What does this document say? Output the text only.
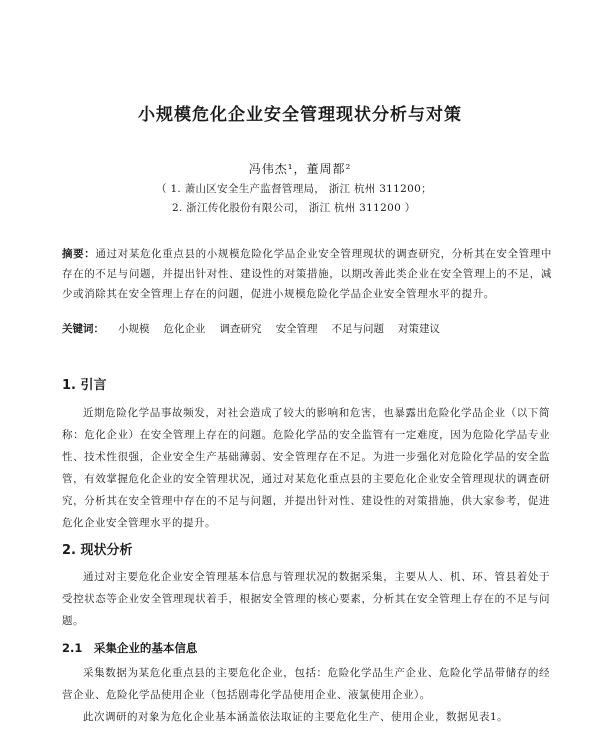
小规模危化企业安全管理现状分析与对策
冯伟杰¹，董周都²
（ 1. 萧山区安全生产监督管理局， 浙江 杭州 311200；
2. 浙江传化股份有限公司， 浙江 杭州 311200 ）
摘要：通过对某危化重点县的小规模危险化学品企业安全管理现状的调查研究，分析其在安全管理中存在的不足与问题，并提出针对性、建设性的对策措施，以期改善此类企业在安全管理上的不足，减少或消除其在安全管理上存在的问题，促进小规模危险化学品企业安全管理水平的提升。
关键词： 小规模 危化企业 调查研究 安全管理 不足与问题 对策建议
1. 引言
近期危险化学品事故频发，对社会造成了较大的影响和危害，也暴露出危险化学品企业（以下简称：危化企业）在安全管理上存在的问题。危险化学品的安全监管有一定难度，因为危险化学品专业性、技术性很强，企业安全生产基础薄弱、安全管理存在不足。为进一步强化对危险化学品的安全监管，有效掌握危化企业的安全管理状况，通过对某危化重点县的主要危化企业安全管理现状的调查研究，分析其在安全管理中存在的不足与问题，并提出针对性、建设性的对策措施，供大家参考，促进危化企业安全管理水平的提升。
2. 现状分析
通过对主要危化企业安全管理基本信息与管理状况的数据采集，主要从人、机、环、管县着处于受控状态等企业安全管理现状着手，根据安全管理的核心要素，分析其在安全管理上存在的不足与问题。
2.1　采集企业的基本信息
采集数据为某危化重点县的主要危化企业，包括：危险化学品生产企业、危险化学品带储存的经营企业、危险化学品使用企业（包括剧毒化学品使用企业、液氯使用企业）。
此次调研的对象为危化企业基本涵盖依法取证的主要危化生产、使用企业，数据见表1。
